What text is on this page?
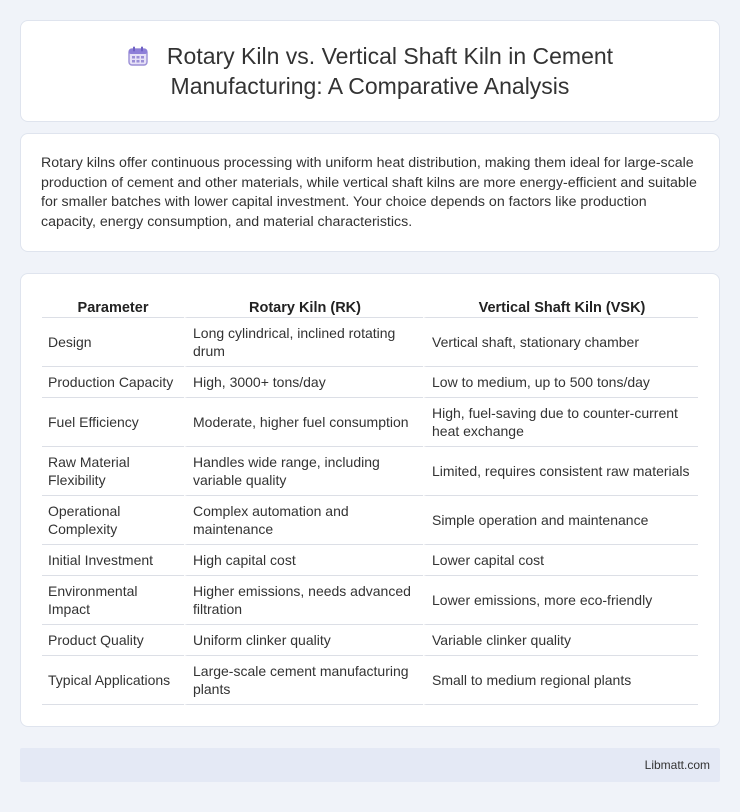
Rotary Kiln vs. Vertical Shaft Kiln in Cement
Manufacturing: A Comparative Analysis

Rotary kilns offer continuous processing with uniform heat distribution, making them ideal for large-scale production of cement and other materials, while vertical shaft kilns are more energy-efficient and suitable for smaller batches with lower capital investment. Your choice depends on factors like production capacity, energy consumption, and material characteristics.

Parameter	Rotary Kiln (RK)	Vertical Shaft Kiln (VSK)
Design	Long cylindrical, inclined rotating drum	Vertical shaft, stationary chamber
Production Capacity	High, 3000+ tons/day	Low to medium, up to 500 tons/day
Fuel Efficiency	Moderate, higher fuel consumption	High, fuel-saving due to counter-current heat exchange
Raw Material Flexibility	Handles wide range, including variable quality	Limited, requires consistent raw materials
Operational Complexity	Complex automation and maintenance	Simple operation and maintenance
Initial Investment	High capital cost	Lower capital cost
Environmental Impact	Higher emissions, needs advanced filtration	Lower emissions, more eco-friendly
Product Quality	Uniform clinker quality	Variable clinker quality
Typical Applications	Large-scale cement manufacturing plants	Small to medium regional plants
Libmatt.com
